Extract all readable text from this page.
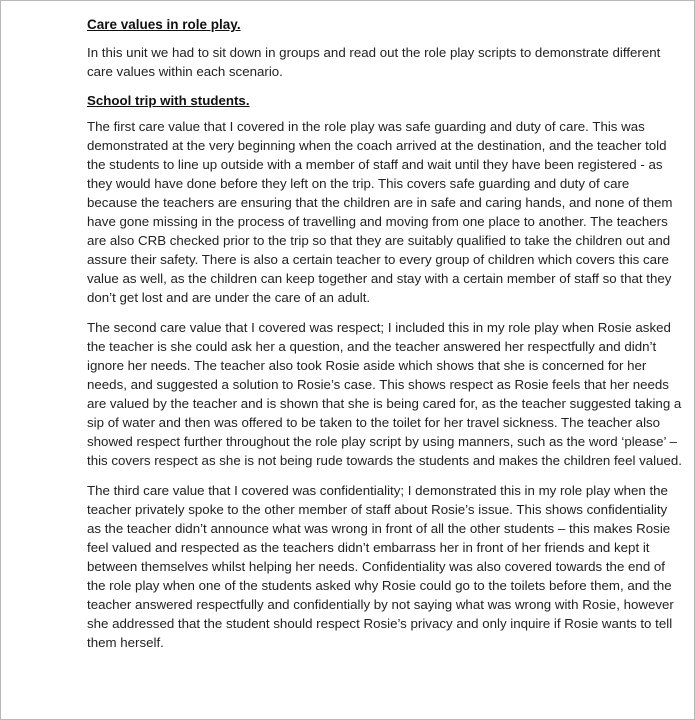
Care values in role play.

In this unit we had to sit down in groups and read out the role play scripts to demonstrate different care values within each scenario.

School trip with students.

The first care value that I covered in the role play was safe guarding and duty of care. This was demonstrated at the very beginning when the coach arrived at the destination, and the teacher told the students to line up outside with a member of staff and wait until they have been registered - as they would have done before they left on the trip. This covers safe guarding and duty of care because the teachers are ensuring that the children are in safe and caring hands, and none of them have gone missing in the process of travelling and moving from one place to another. The teachers are also CRB checked prior to the trip so that they are suitably qualified to take the children out and assure their safety. There is also a certain teacher to every group of children which covers this care value as well, as the children can keep together and stay with a certain member of staff so that they don’t get lost and are under the care of an adult.

The second care value that I covered was respect; I included this in my role play when Rosie asked the teacher is she could ask her a question, and the teacher answered her respectfully and didn’t ignore her needs. The teacher also took Rosie aside which shows that she is concerned for her needs, and suggested a solution to Rosie’s case. This shows respect as Rosie feels that her needs are valued by the teacher and is shown that she is being cared for, as the teacher suggested taking a sip of water and then was offered to be taken to the toilet for her travel sickness. The teacher also showed respect further throughout the role play script by using manners, such as the word ‘please’ – this covers respect as she is not being rude towards the students and makes the children feel valued.

The third care value that I covered was confidentiality; I demonstrated this in my role play when the teacher privately spoke to the other member of staff about Rosie’s issue. This shows confidentiality as the teacher didn’t announce what was wrong in front of all the other students – this makes Rosie feel valued and respected as the teachers didn’t embarrass her in front of her friends and kept it between themselves whilst helping her needs. Confidentiality was also covered towards the end of the role play when one of the students asked why Rosie could go to the toilets before them, and the teacher answered respectfully and confidentially by not saying what was wrong with Rosie, however she addressed that the student should respect Rosie’s privacy and only inquire if Rosie wants to tell them herself.
